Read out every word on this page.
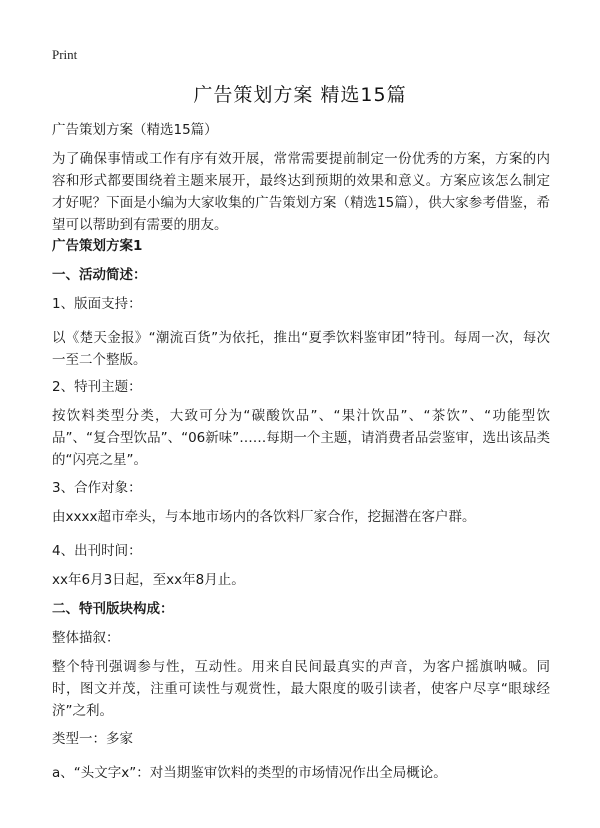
Print
广告策划方案 精选15篇
广告策划方案（精选15篇）
为了确保事情或工作有序有效开展，常常需要提前制定一份优秀的方案，方案的内容和形式都要围绕着主题来展开，最终达到预期的效果和意义。方案应该怎么制定才好呢？下面是小编为大家收集的广告策划方案（精选15篇），供大家参考借鉴，希望可以帮助到有需要的朋友。
广告策划方案1
一、活动简述：
1、版面支持：
以《楚天金报》“潮流百货”为依托，推出“夏季饮料鉴审团”特刊。每周一次，每次一至二个整版。
2、特刊主题：
按饮料类型分类，大致可分为“碳酸饮品”、“果汁饮品”、“茶饮”、“功能型饮品”、“复合型饮品”、“06新味”……每期一个主题，请消费者品尝鉴审，选出该品类的“闪亮之星”。
3、合作对象：
由xxxx超市牵头，与本地市场内的各饮料厂家合作，挖掘潜在客户群。
4、出刊时间：
xx年6月3日起，至xx年8月止。
二、特刊版块构成：
整体描叙：
整个特刊强调参与性，互动性。用来自民间最真实的声音，为客户摇旗呐喊。同时，图文并茂，注重可读性与观赏性，最大限度的吸引读者，使客户尽享“眼球经济”之利。
类型一：多家
a、“头文字x”：对当期鉴审饮料的类型的市场情况作出全局概论。
